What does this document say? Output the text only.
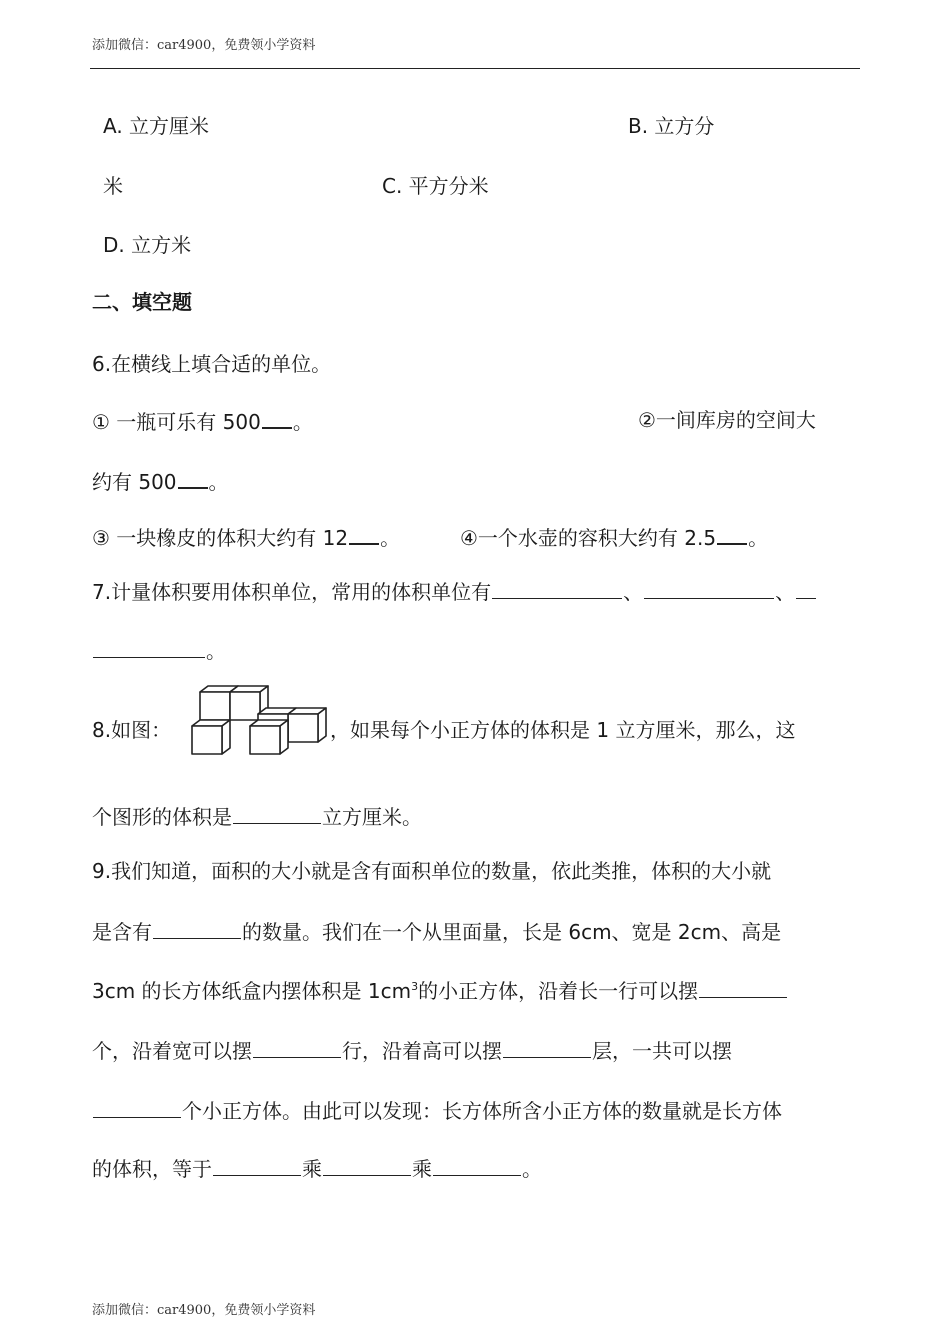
添加微信：car4900，免费领小学资料
A. 立方厘米	B. 立方分
米	C. 平方分米
D. 立方米
二、填空题
6.在横线上填合适的单位。
① 一瓶可乐有 500 。	②一间库房的空间大
约有 500 。
③ 一块橡皮的体积大约有 12 。	④一个水壶的容积大约有 2.5 。
7.计量体积要用体积单位，常用的体积单位有	、	、
。
8.如图：	，如果每个小正方体的体积是 1 立方厘米，那么，这
个图形的体积是	立方厘米。
9.我们知道，面积的大小就是含有面积单位的数量，依此类推，体积的大小就
是含有	的数量。我们在一个从里面量，长是 6cm、宽是 2cm、高是
3cm 的长方体纸盒内摆体积是 $1cm^3$的小正方体，沿着长一行可以摆
个，沿着宽可以摆	行，沿着高可以摆	层，一共可以摆
个小正方体。由此可以发现：长方体所含小正方体的数量就是长方体
的体积，等于	乘	乘	。
添加微信：car4900，免费领小学资料
